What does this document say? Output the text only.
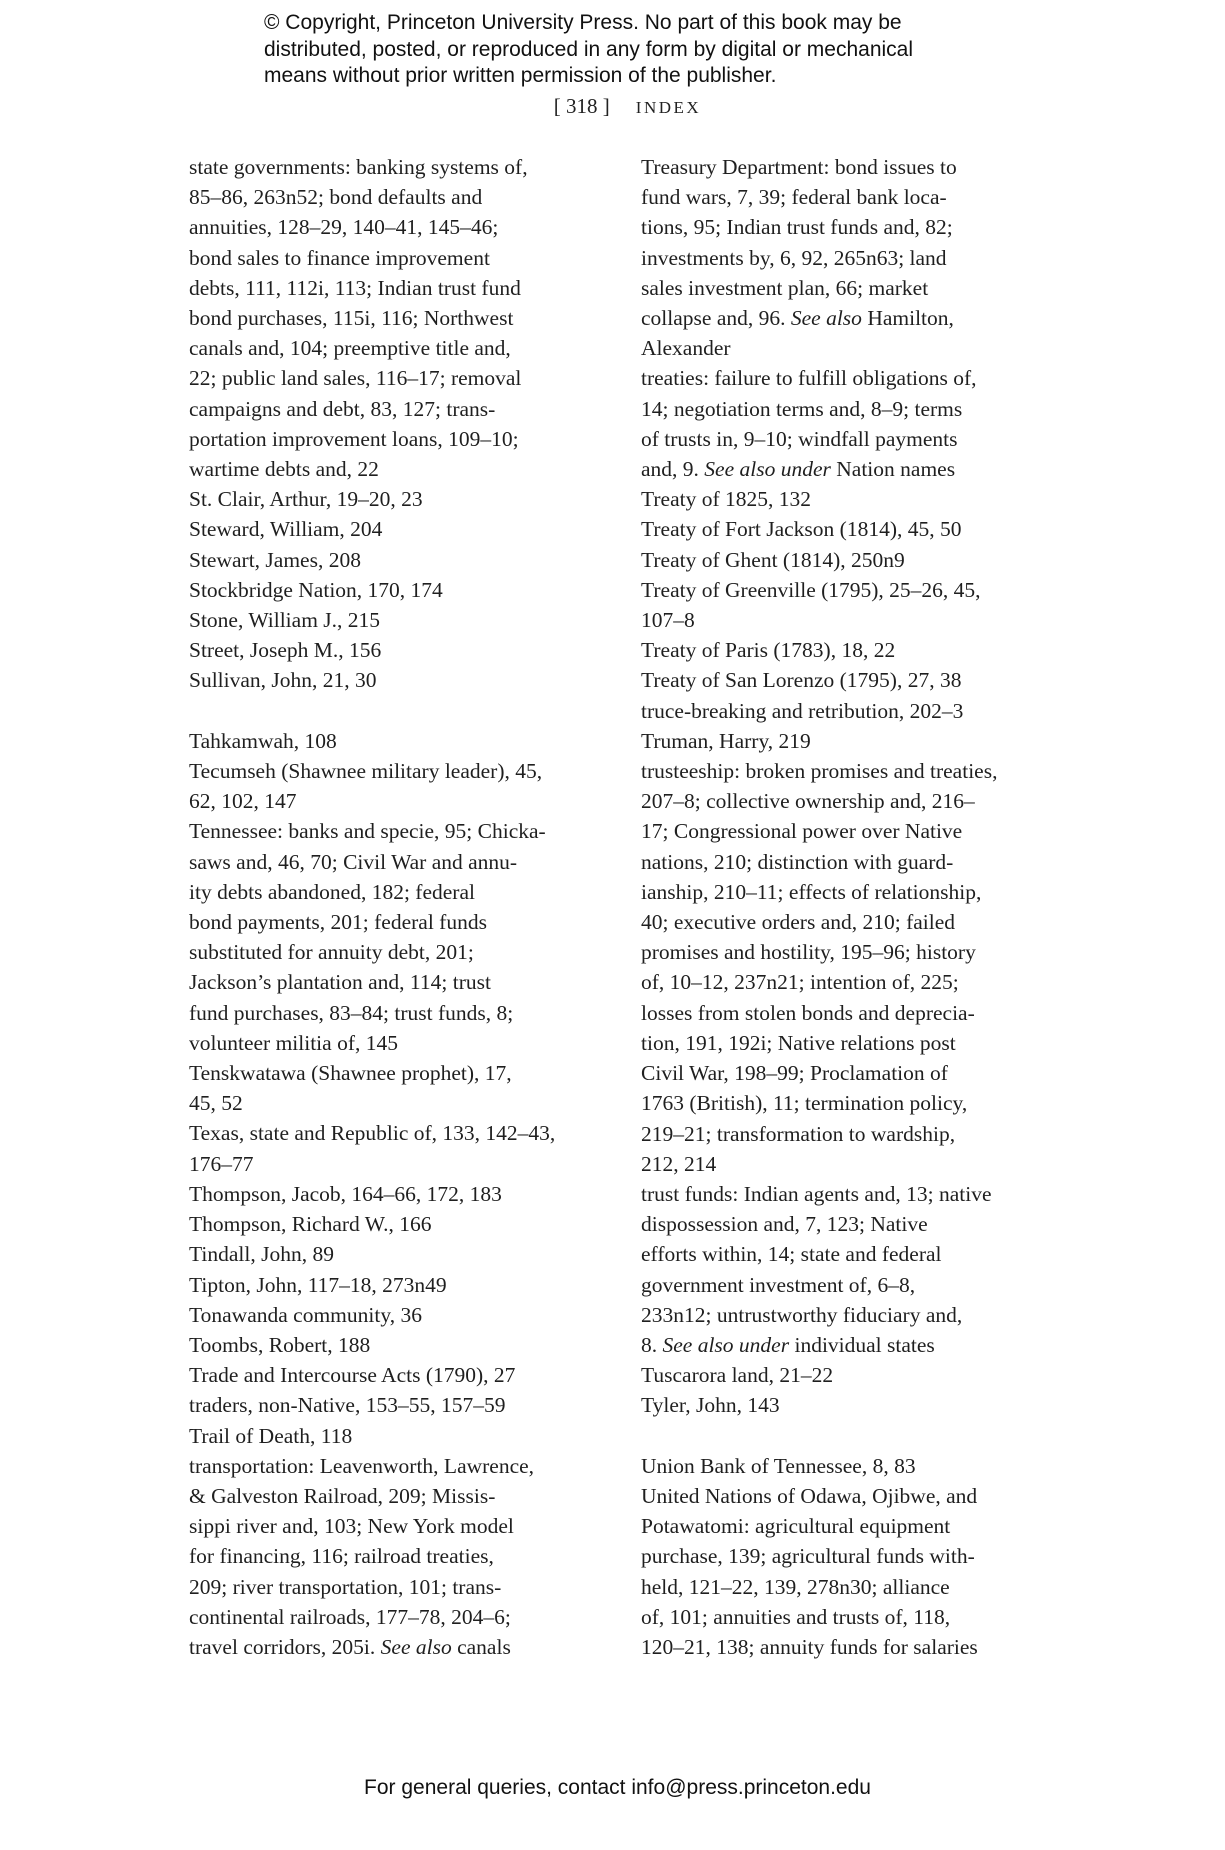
© Copyright, Princeton University Press. No part of this book may be
distributed, posted, or reproduced in any form by digital or mechanical
means without prior written permission of the publisher.
[ 318 ] INDEX
state governments: banking systems of,
85–86, 263n52; bond defaults and
annuities, 128–29, 140–41, 145–46;
bond sales to finance improvement
debts, 111, 112i, 113; Indian trust fund
bond purchases, 115i, 116; Northwest
canals and, 104; preemptive title and,
22; public land sales, 116–17; removal
campaigns and debt, 83, 127; trans-
portation improvement loans, 109–10;
wartime debts and, 22
St. Clair, Arthur, 19–20, 23
Steward, William, 204
Stewart, James, 208
Stockbridge Nation, 170, 174
Stone, William J., 215
Street, Joseph M., 156
Sullivan, John, 21, 30
Tahkamwah, 108
Tecumseh (Shawnee military leader), 45,
62, 102, 147
Tennessee: banks and specie, 95; Chicka-
saws and, 46, 70; Civil War and annu-
ity debts abandoned, 182; federal
bond payments, 201; federal funds
substituted for annuity debt, 201;
Jackson’s plantation and, 114; trust
fund purchases, 83–84; trust funds, 8;
volunteer militia of, 145
Tenskwatawa (Shawnee prophet), 17,
45, 52
Texas, state and Republic of, 133, 142–43,
176–77
Thompson, Jacob, 164–66, 172, 183
Thompson, Richard W., 166
Tindall, John, 89
Tipton, John, 117–18, 273n49
Tonawanda community, 36
Toombs, Robert, 188
Trade and Intercourse Acts (1790), 27
traders, non-Native, 153–55, 157–59
Trail of Death, 118
transportation: Leavenworth, Lawrence,
& Galveston Railroad, 209; Missis-
sippi river and, 103; New York model
for financing, 116; railroad treaties,
209; river transportation, 101; trans-
continental railroads, 177–78, 204–6;
travel corridors, 205i. See also canals
Treasury Department: bond issues to
fund wars, 7, 39; federal bank loca-
tions, 95; Indian trust funds and, 82;
investments by, 6, 92, 265n63; land
sales investment plan, 66; market
collapse and, 96. See also Hamilton,
Alexander
treaties: failure to fulfill obligations of,
14; negotiation terms and, 8–9; terms
of trusts in, 9–10; windfall payments
and, 9. See also under Nation names
Treaty of 1825, 132
Treaty of Fort Jackson (1814), 45, 50
Treaty of Ghent (1814), 250n9
Treaty of Greenville (1795), 25–26, 45,
107–8
Treaty of Paris (1783), 18, 22
Treaty of San Lorenzo (1795), 27, 38
truce-breaking and retribution, 202–3
Truman, Harry, 219
trusteeship: broken promises and treaties,
207–8; collective ownership and, 216–
17; Congressional power over Native
nations, 210; distinction with guard-
ianship, 210–11; effects of relationship,
40; executive orders and, 210; failed
promises and hostility, 195–96; history
of, 10–12, 237n21; intention of, 225;
losses from stolen bonds and deprecia-
tion, 191, 192i; Native relations post
Civil War, 198–99; Proclamation of
1763 (British), 11; termination policy,
219–21; transformation to wardship,
212, 214
trust funds: Indian agents and, 13; native
dispossession and, 7, 123; Native
efforts within, 14; state and federal
government investment of, 6–8,
233n12; untrustworthy fiduciary and,
8. See also under individual states
Tuscarora land, 21–22
Tyler, John, 143
Union Bank of Tennessee, 8, 83
United Nations of Odawa, Ojibwe, and
Potawatomi: agricultural equipment
purchase, 139; agricultural funds with-
held, 121–22, 139, 278n30; alliance
of, 101; annuities and trusts of, 118,
120–21, 138; annuity funds for salaries
For general queries, contact info@press.princeton.edu
